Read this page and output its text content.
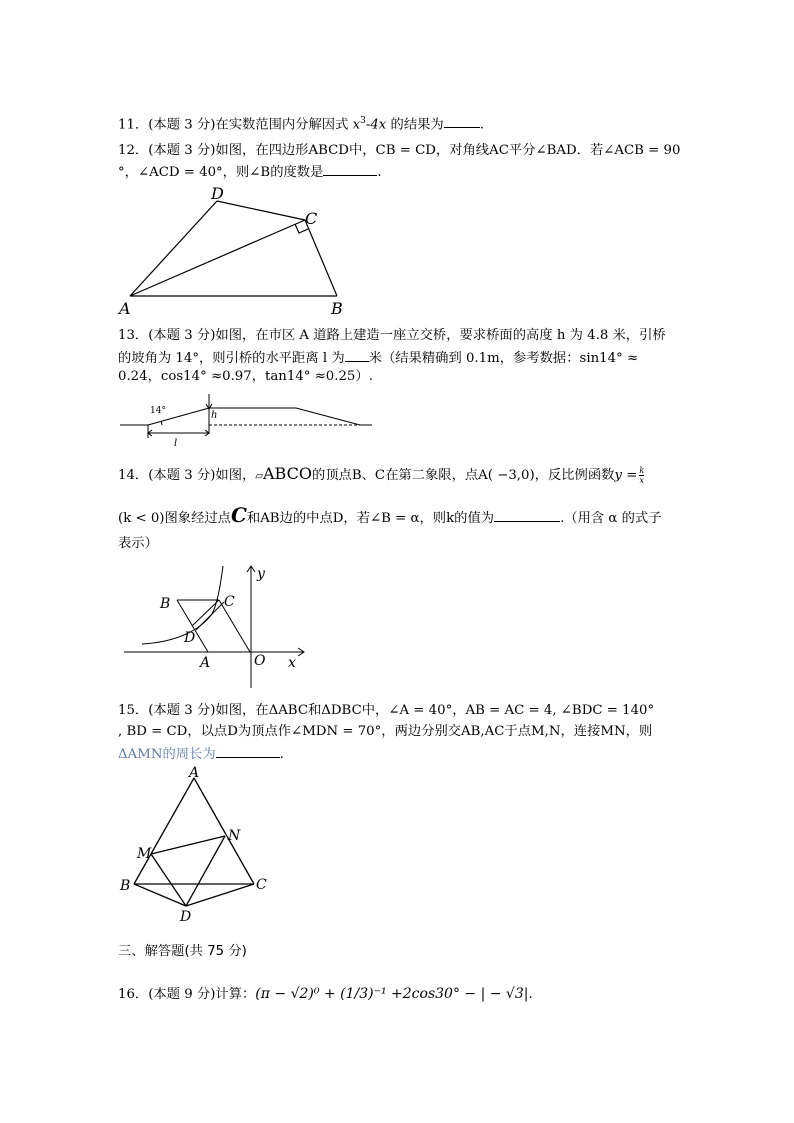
11．(本题 3 分)在实数范围内分解因式 $x^3-4x$ 的结果为	.
12．(本题 3 分)如图，在四边形ABCD中，CB = CD，对角线AC平分∠BAD．若∠ACB = 90
°，∠ACD = 40°，则∠B的度数是	.
A	B
C
D
13．(本题 3 分)如图，在市区 A 道路上建造一座立交桥，要求桥面的高度 h 为 4.8 米，引桥
的坡角为 14°，则引桥的水平距离 l 为 米（结果精确到 0.1m，参考数据：sin14° ≈
0.24，cos14° ≈0.97，tan14° ≈0.25）.
14°	h
l
14．(本题 3 分)如图，▱ABCO的顶点B、C在第二象限，点A( −3,0)，反比例函数$y = \frac{k}{x}$
(k < 0)图象经过点C和AB边的中点D，若∠B = α，则k的值为	.（用含 α 的式子
表示）
B	C
D
A	O x
y
15．(本题 3 分)如图，在ΔABC和ΔDBC中，∠A = 40°，AB = AC = 4, ∠BDC = 140°
, BD = CD，以点D为顶点作∠MDN = 70°，两边分别交AB,AC于点M,N，连接MN，则
ΔAMN的周长为	.
A
M
N
B	C
D
三、解答题(共 75 分)
16．(本题 9 分)计算：(π − √2)⁰ + (1/3)⁻¹ +2cos30° − | − √3|.
